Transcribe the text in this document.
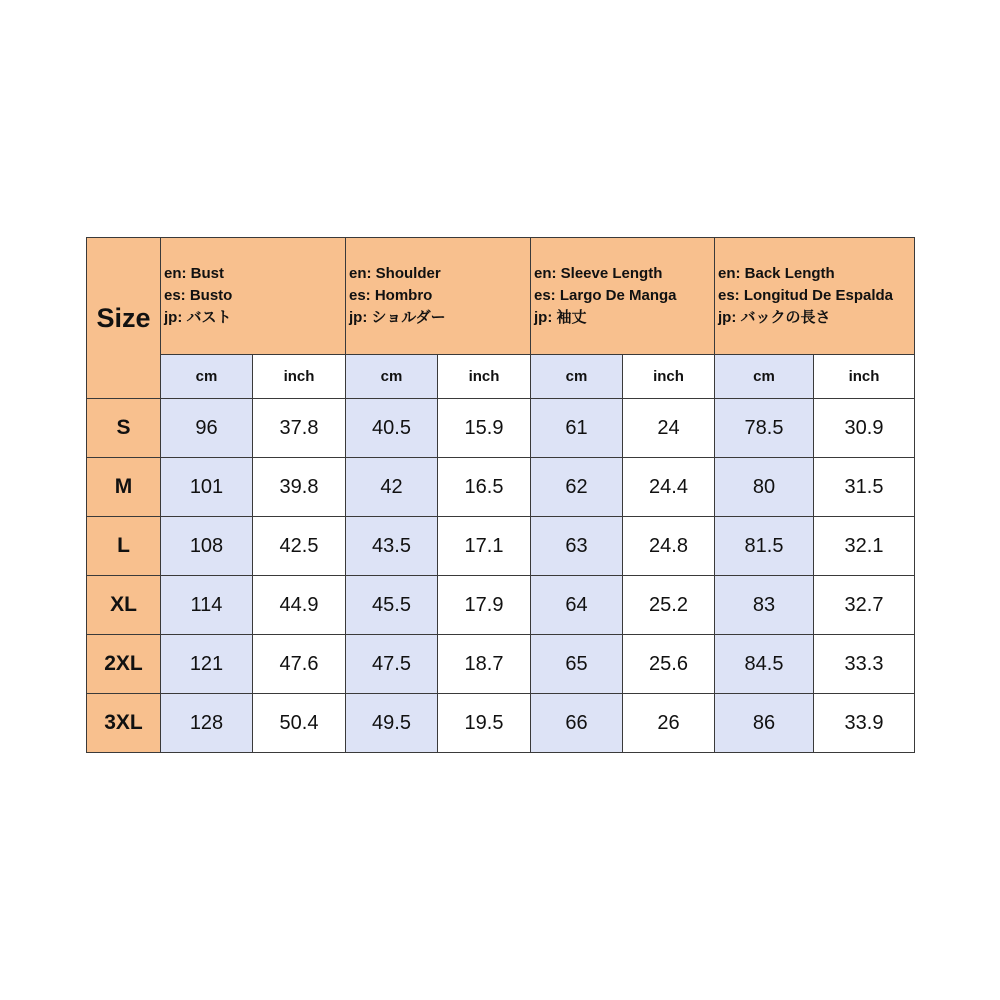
Size	en: Bust
es: Busto
jp: バスト		en: Shoulder
es: Hombro
jp: ショルダー		en: Sleeve Length
es: Largo De Manga
jp: 袖丈		en: Back Length
es: Longitud De Espalda
jp: バックの長さ	

	cm	inch	cm	inch	cm	inch	cm	inch
S	96	37.8	40.5	15.9	61	24	78.5	30.9
M	101	39.8	42	16.5	62	24.4	80	31.5
L	108	42.5	43.5	17.1	63	24.8	81.5	32.1
XL	114	44.9	45.5	17.9	64	25.2	83	32.7
2XL	121	47.6	47.5	18.7	65	25.6	84.5	33.3
3XL	128	50.4	49.5	19.5	66	26	86	33.9
